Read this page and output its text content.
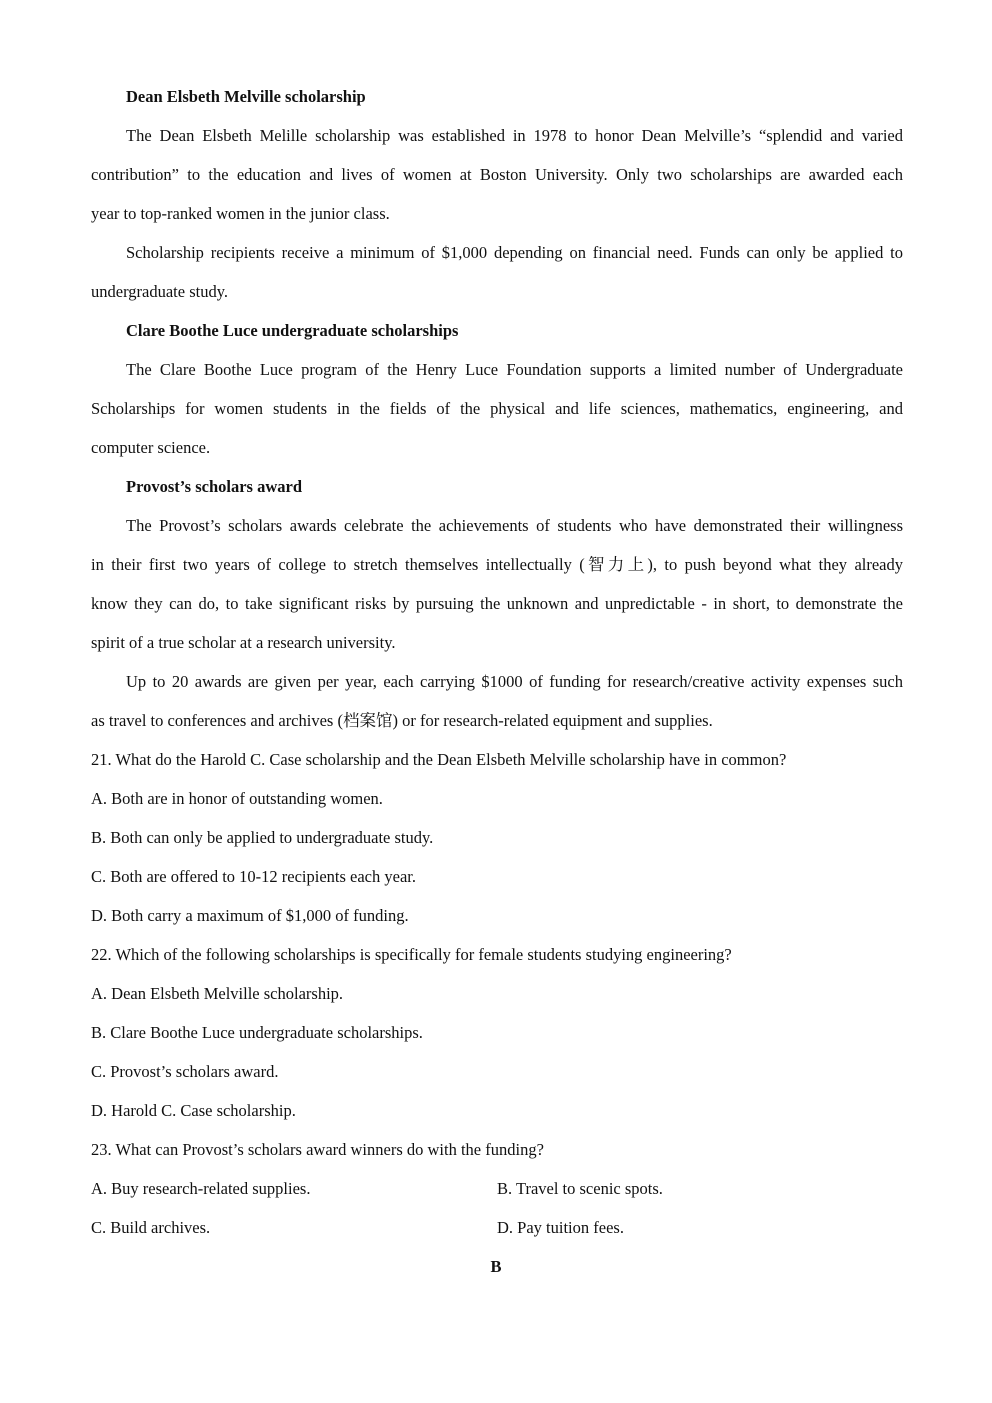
Dean Elsbeth Melville scholarship
The Dean Elsbeth Melille scholarship was established in 1978 to honor Dean Melville’s “splendid and varied
contribution” to the education and lives of women at Boston University. Only two scholarships are awarded each
year to top-ranked women in the junior class.
Scholarship recipients receive a minimum of $1,000 depending on financial need. Funds can only be applied to
undergraduate study.
Clare Boothe Luce undergraduate scholarships
The Clare Boothe Luce program of the Henry Luce Foundation supports a limited number of Undergraduate
Scholarships for women students in the fields of the physical and life sciences, mathematics, engineering, and
computer science.
Provost’s scholars award
The Provost’s scholars awards celebrate the achievements of students who have demonstrated their willingness
in their first two years of college to stretch themselves intellectually (智力上), to push beyond what they already
know they can do, to take significant risks by pursuing the unknown and unpredictable - in short, to demonstrate the
spirit of a true scholar at a research university.
Up to 20 awards are given per year, each carrying $1000 of funding for research/creative activity expenses such
as travel to conferences and archives (档案馆) or for research-related equipment and supplies.
21. What do the Harold C. Case scholarship and the Dean Elsbeth Melville scholarship have in common?
A. Both are in honor of outstanding women.
B. Both can only be applied to undergraduate study.
C. Both are offered to 10-12 recipients each year.
D. Both carry a maximum of $1,000 of funding.
22. Which of the following scholarships is specifically for female students studying engineering?
A. Dean Elsbeth Melville scholarship.
B. Clare Boothe Luce undergraduate scholarships.
C. Provost’s scholars award.
D. Harold C. Case scholarship.
23. What can Provost’s scholars award winners do with the funding?
A. Buy research-related supplies.	B. Travel to scenic spots.
C. Build archives.	D. Pay tuition fees.
B
